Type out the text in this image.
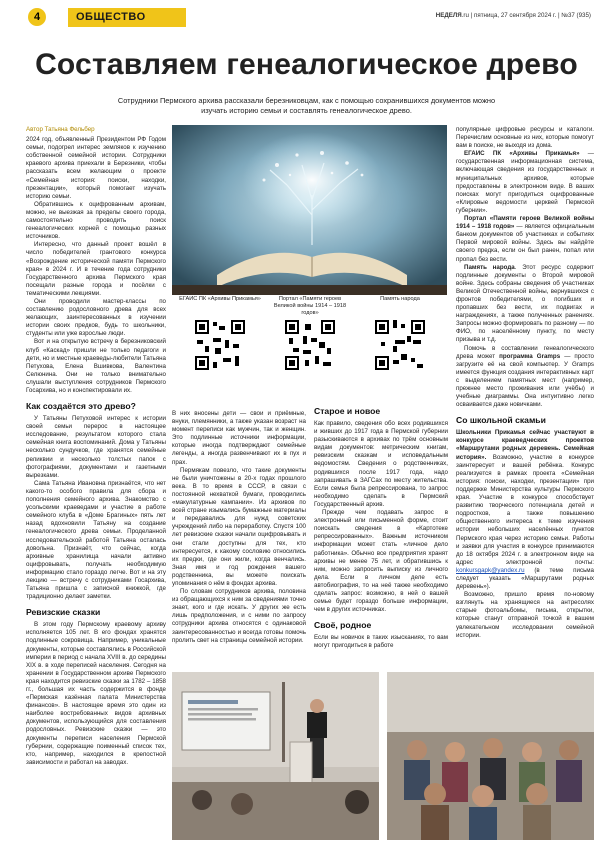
4	ОБЩЕСТВО	НЕДЕЛЯ.ru | пятница, 27 сентября 2024 г. | №37 (935)
Составляем генеалогическое древо
Сотрудники Пермского архива рассказали березниковцам, как с помощью сохранившихся документов можно изучать историю семьи и составлять генеалогическое древо.
ЕГАИС ПК «Архивы Прикамья»	Портал «Памяти героев Великой войны 1914 – 1918 годов»
Память народа
Автор Татьяна Фельбер

2024 год, объявленный Президентом РФ Годом семьи, подогрел интерес земляков к изучению собственной семейной истории. Сотрудники краевого архива приехали в Березники, чтобы рассказать всем желающим о проекте «Семейная история: поиски, находки, презентации», который помогает изучать историю семьи.

Обратившись к оцифрованным архивам, можно, не выезжая за пределы своего города, самостоятельно проводить поиск генеалогических корней с помощью разных источников.

Интересно, что данный проект вошёл в число победителей грантового конкурса «Возрождение исторической памяти Пермского края» в 2024 г. И в течение года сотрудники Государственного архива Пермского края посещали разные города и посёлки с тематическими лекциями.

Они проводили мастер-классы по составлению родословного древа для всех желающих, заинтересованных в изучении истории своих предков, будь то школьники, студенты или уже взрослые люди.

Вот и на открытую встречу в березниковский клуб «Каскад» пришли не только педагоги и дети, но и местные краеведы-любители Татьяна Петухова, Елена Вшивкова, Валентина Селюнина. Они не только внимательно слушали выступления сотрудников Пермского Госархива, но и конспектировали их.

Как создаётся это древо?

У Татьяны Петуховой интерес к истории своей семьи перерос в настоящее исследование, результатом которого стала семейная книга воспоминаний. Дома у Татьяны несколько сундучков, где хранятся семейные реликвии и несколько толстых папок с фотографиями, документами и газетными вырезками.

Сама Татьяна Ивановна признаётся, что нет какого-то особого правила для сбора и пополнения семейного архива. Знакомство с усольскими краеведами и участие в работе семейного клуба в «Доме Брагиных» пять лет назад вдохновили Татьяну на создание генеалогического древа семьи. Проделанной исследовательской работой Татьяна осталась довольна. Признаёт, что сейчас, когда архивные хранилища начали активно оцифровывать, получать необходимую информацию стало гораздо легче. Вот и на эту лекцию — встречу с сотрудниками Госархива, Татьяна пришла с записной книжкой, где традиционно делает заметки.

Ревизские сказки

В этом году Пермскому краевому архиву исполняется 105 лет. В его фондах хранятся подлинные сокровища. Например, уникальные документы, которые составлялись в Российской империи в период с начала XVIII в. до середины XIX в. в ходе переписей населения. Сегодня на хранении в Государственном архиве Пермского края находится ревизские сказки за 1782 – 1858 гг., большая их часть содержится в фонде «Пермская казённая палата Министерства финансов». В настоящее время это один из наиболее востребованных видов архивных документов, использующийся для составления родословных. Ревизские сказки — это документы переписи населения Пермской губернии, содержащие поименный список тех, кто, например, находился в крепостной зависимости и работал на заводах.

В них вносены дети — свои и приёмные, внуки, племянники, а также указан возраст на момент переписи как мужчин, так и женщин. Это подлинные источники информации, которые иногда подтверждают семейные легенды, а иногда развенчивают их в пух и прах.

Пермякам повезло, что такие документы не были уничтожены в 20-х годах прошлого века. В то время в СССР, в связи с постоянной нехваткой бумаги, проводились «макулатурные кампании». Из архивов по всей стране изымались бумажные материалы и передавались для нужд советских учреждений либо на переработку. Спустя 100 лет ревизские сказки начали оцифровывать и они стали доступны для тех, кто интересуется, к какому сословию относились их предки, где они жили, когда венчались. Зная имя и год рождения вашего родственника, вы можете поискать упоминания о нём в фондах архива.

По словам сотрудников архива, половина из обращающихся к ним за сведениями точно знает, кого и где искать. У других же есть лишь предположения, и с ними по запросу сотрудники архива относятся с одинаковой заинтересованностью и всегда готовы помочь пролить свет на страницы семейной истории.

Старое и новое

Как правило, сведения обо всех родившихся и живших до 1917 года в Пермской губернии разыскиваются в архивах по трём основным видам документов: метрическим книгам, ревизским сказкам и исповедальным ведомостям. Сведения о родственниках, родившихся после 1917 года, надо запрашивать в ЗАГСах по месту жительства. Если семья была репрессирована, то запрос необходимо сделать в Пермский Государственный архив.

Прежде чем подавать запрос в электронный или письменной форме, стоит поискать сведения в «Картотеке репрессированных». Важным источником информации может стать «личное дело работника». Обычно все предприятия хранят архивы не менее 75 лет, и обратившись к ним, можно запросить выписку из личного дела. Если в личном деле есть автобиография, то на неё также необходимо сделать запрос: возможно, в ней о вашей семье будет гораздо больше информации, чем в других источниках.

Своё, родное

Если вы новичок в таких изысканиях, то вам могут пригодиться в работе

популярные цифровые ресурсы и каталоги. Перечислим основные из них, которые помогут вам в поиске, не выходя из дома.

ЕГАИС ПК «Архивы Прикамья» — государственная информационная система, включающая сведения из государственных и муниципальных архивов, которые предоставлены в электронном виде. В ваших поисках могут пригодиться оцифрованные «Клировые ведомости церквей Пермской губернии».

Портал «Памяти героев Великой войны 1914 – 1918 годов» — является официальным банком документов об участниках и событиях Первой мировой войны. Здесь вы найдёте своего предка, если он был ранен, попал или пропал без вести.

Память народа. Этот ресурс содержит подлинные документы о Второй мировой войне. Здесь собраны сведения об участниках Великой Отечественной войны, вернувшихся с фронтов победителями, о погибших и пропавших без вести, их подвигах и награждениях, а также полученных ранениях. Запросы можно формировать по разному — по ФИО, по населённому пункту, по месту призыва и т.д.

Помочь в составлении генеалогического древа может программа Gramps — просто загрузите её на свой компьютер. У Gramps имеется функция создания интерактивных карт с выделением памятных мест (например, прежнее место проживания или учёбы) и учебные диаграммы. Она интуитивно легко осваивается даже новичками.

Со школьной скамьи

Школьники Прикамья сейчас участвуют в конкурсе краеведческих проектов «Маршрутами родных деревень. Семейная история». Возможно, участие в конкурсе заинтересует и вашей ребёнка. Конкурс реализуется в рамках проекта «Семейная история: поиски, находки, презентации» при поддержке Министерства культуры Пермского края. Участие в конкурсе способствует развитию творческого потенциала детей и подростков, а также повышению общественного интереса к теме изучения истории небольших населённых пунктов Пермского края через историю семьи. Работы и заявки для участия в конкурсе принимаются до 18 октября 2024 г. в электронном виде на адрес электронной почты: konkursgapk@yandex.ru (в теме письма следует указать «Маршрутами родных деревень»).

Возможно, пришло время по-новому взглянуть на хранящиеся на антресолях старые фотоальбомы, письма, открытки, которые станут отправной точкой в вашем увлекательном исследовании семейной истории.
